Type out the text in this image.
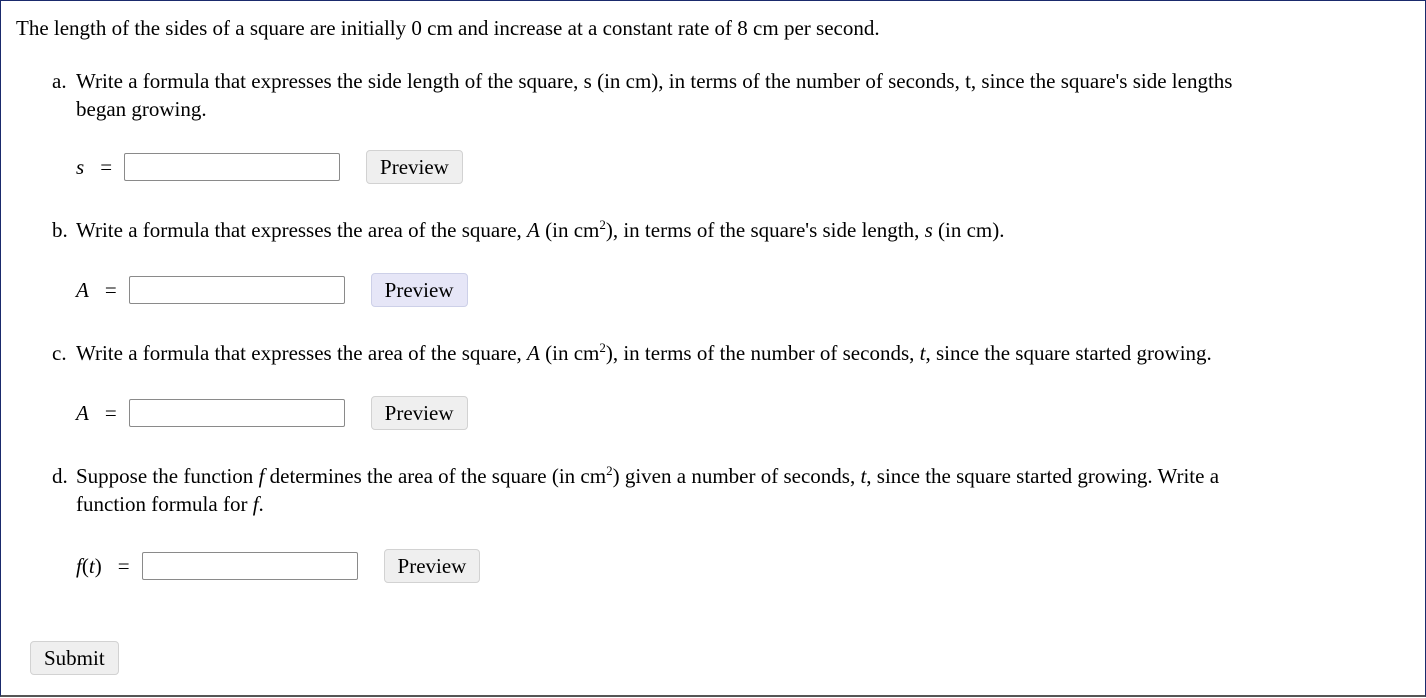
The length of the sides of a square are initially 0 cm and increase at a constant rate of 8 cm per second.
a. Write a formula that expresses the side length of the square, s (in cm), in terms of the number of seconds, t, since the square's side lengths
began growing.
s =	Preview
b. Write a formula that expresses the area of the square, A (in $cm^2$), in terms of the square's side length, s (in cm).
A =	Preview
c. Write a formula that expresses the area of the square, A (in $cm^2$), in terms of the number of seconds, t, since the square started growing.
A =	Preview
d. Suppose the function f determines the area of the square (in $cm^2$) given a number of seconds, t, since the square started growing. Write a
function formula for f.
f(t) =	Preview
Submit
